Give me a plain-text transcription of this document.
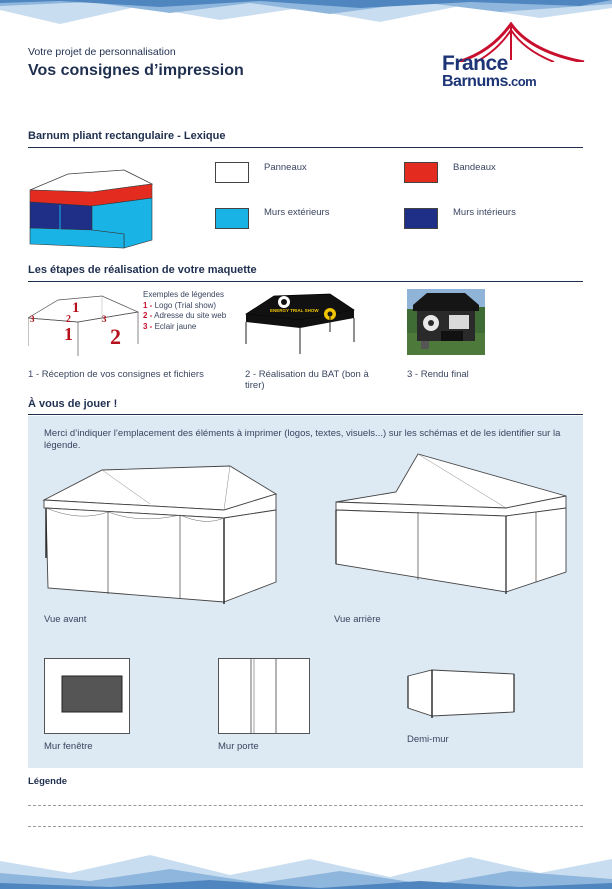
Votre projet de personnalisation
Vos consignes d’impression	France
Barnums.com
Barnum pliant rectangulaire - Lexique
Panneaux	Bandeaux
Murs extérieurs	Murs intérieurs
Les étapes de réalisation de votre maquette
1
2
3
1 2
3
Exemples de légendes
1 - Logo (Trial show)
2 - Adresse du site web
3 - Eclair jaune
ENERGY TRIAL SHOW
1 - Réception de vos consignes et fichiers	2 - Réalisation du BAT (bon à tirer)
3 - Rendu final
À vous de jouer !
Merci d’indiquer l’emplacement des éléments à imprimer (logos, textes, visuels...) sur les schémas et de les identifier sur la légende.
Vue avant	Vue arrière
Mur fenêtre	Mur porte
Demi-mur
Légende
